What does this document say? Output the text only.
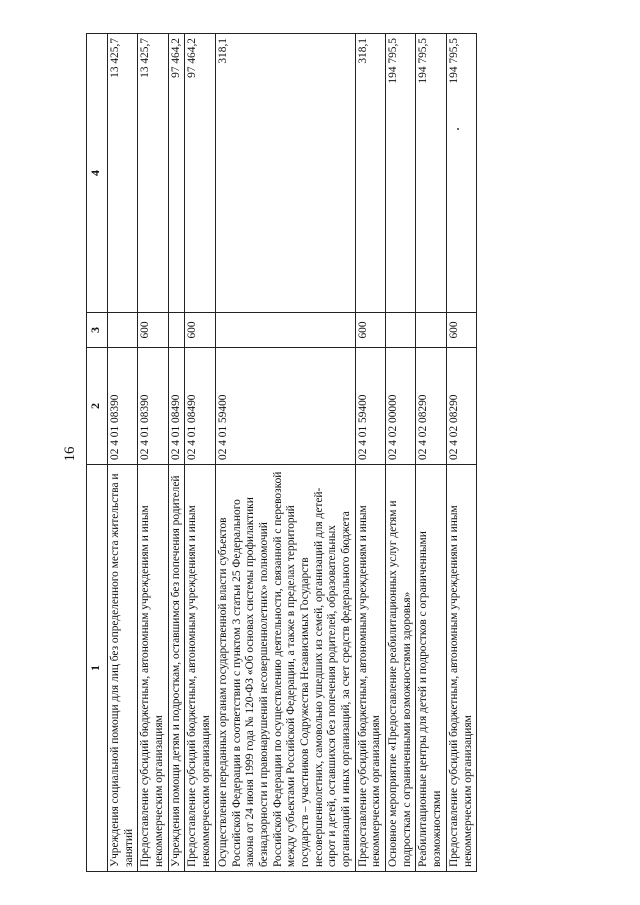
16
1	2	3	4
Учреждения социальной помощи для лиц без определенного места жительства и занятий	02 4 01 08390		13 425,7
Предоставление субсидий бюджетным, автономным учреждениям и иным некоммерческим организациям	02 4 01 08390	600	13 425,7
Учреждения помощи детям и подросткам, оставшимся без попечения родителей	02 4 01 08490		97 464,2
Предоставление субсидий бюджетным, автономным учреждениям и иным некоммерческим организациям	02 4 01 08490	600	97 464,2
Осуществление переданных органам государственной власти субъектов Российской Федерации в соответствии с пунктом 3 статьи 25 Федерального закона от 24 июня 1999 года № 120-ФЗ «Об основах системы профилактики безнадзорности и правонарушений несовершеннолетних» полномочий Российской Федерации по осуществлению деятельности, связанной с перевозкой между субъектами Российской Федерации, а также в пределах территорий государств – участников Содружества Независимых Государств несовершеннолетних, самовольно ушедших из семей, организаций для детей-сирот и детей, оставшихся без попечения родителей, образовательных организаций и иных организаций, за счет средств федерального бюджета	02 4 01 59400		318,1
Предоставление субсидий бюджетным, автономным учреждениям и иным некоммерческим организациям	02 4 01 59400	600	318,1
Основное мероприятие «Предоставление реабилитационных услуг детям и подросткам с ограниченными возможностями здоровья»	02 4 02 00000		194 795,5
Реабилитационные центры для детей и подростков с ограниченными возможностями	02 4 02 08290		194 795,5
Предоставление субсидий бюджетным, автономным учреждениям и иным некоммерческим организациям	02 4 02 08290	600	194 795,5
